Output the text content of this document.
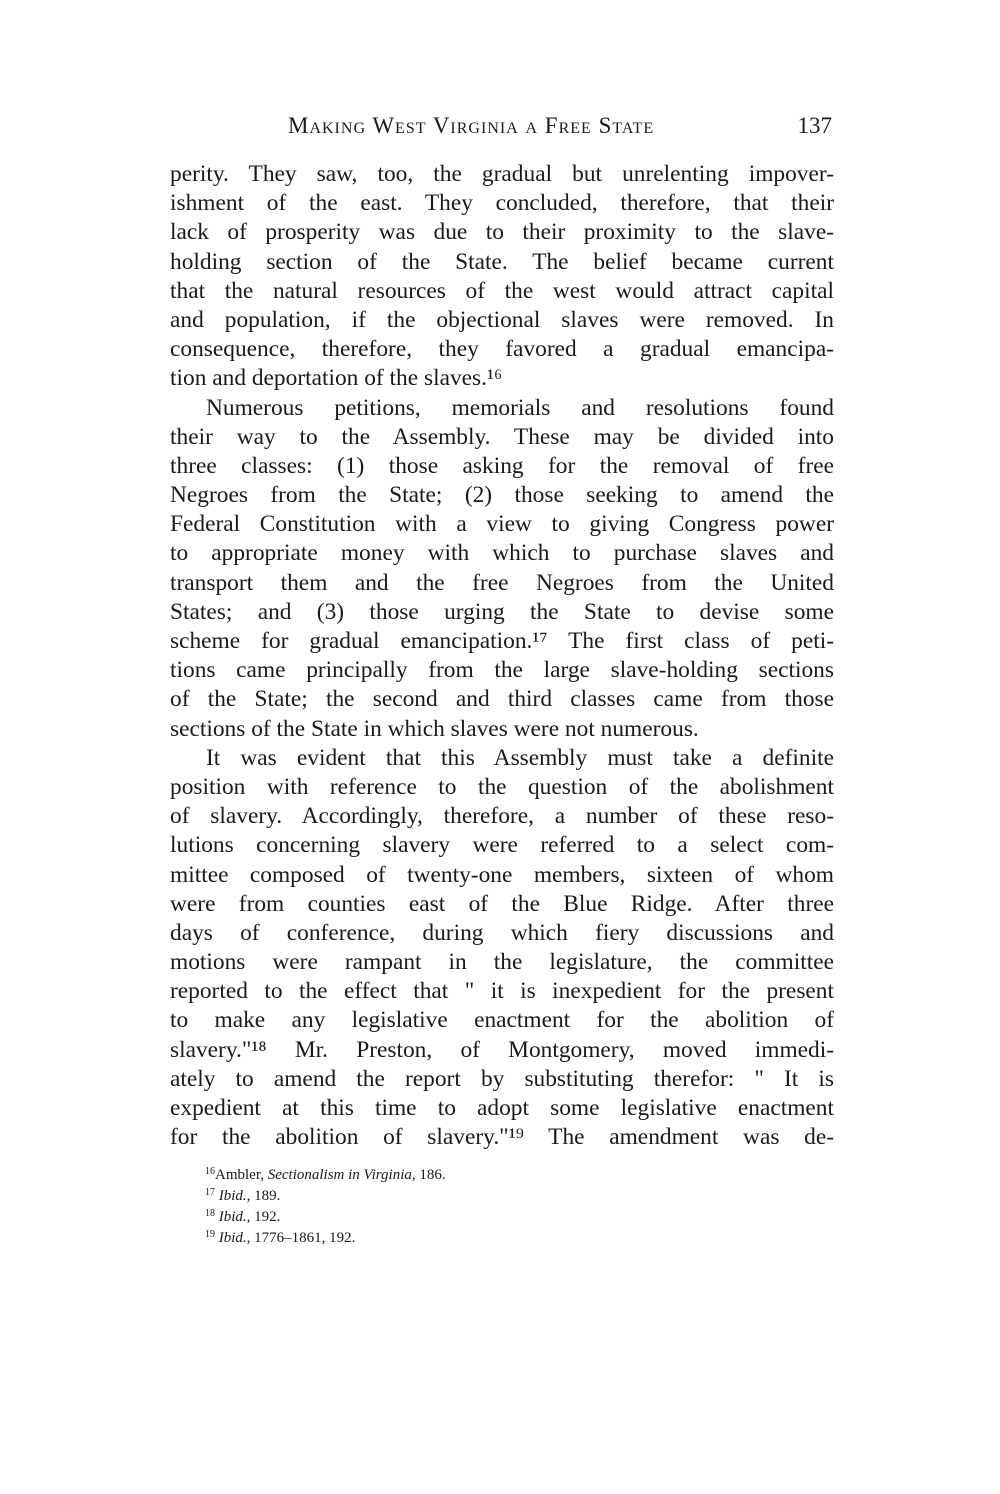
Making West Virginia a Free State	137
perity. They saw, too, the gradual but unrelenting impover-
ishment of the east. They concluded, therefore, that their
lack of prosperity was due to their proximity to the slave-
holding section of the State. The belief became current
that the natural resources of the west would attract capital
and population, if the objectional slaves were removed. In
consequence, therefore, they favored a gradual emancipa-
tion and deportation of the slaves.¹⁶
Numerous petitions, memorials and resolutions found
their way to the Assembly. These may be divided into
three classes: (1) those asking for the removal of free
Negroes from the State; (2) those seeking to amend the
Federal Constitution with a view to giving Congress power
to appropriate money with which to purchase slaves and
transport them and the free Negroes from the United
States; and (3) those urging the State to devise some
scheme for gradual emancipation.¹⁷ The first class of peti-
tions came principally from the large slave-holding sections
of the State; the second and third classes came from those
sections of the State in which slaves were not numerous.
It was evident that this Assembly must take a definite
position with reference to the question of the abolishment
of slavery. Accordingly, therefore, a number of these reso-
lutions concerning slavery were referred to a select com-
mittee composed of twenty-one members, sixteen of whom
were from counties east of the Blue Ridge. After three
days of conference, during which fiery discussions and
motions were rampant in the legislature, the committee
reported to the effect that " it is inexpedient for the present
to make any legislative enactment for the abolition of
slavery."¹⁸ Mr. Preston, of Montgomery, moved immedi-
ately to amend the report by substituting therefor: " It is
expedient at this time to adopt some legislative enactment
for the abolition of slavery."¹⁹ The amendment was de-
$^{16}$Ambler, Sectionalism in Virginia, 186.
$^{17}$ Ibid., 189.
$^{18}$ Ibid., 192.
$^{19}$ Ibid., 1776–1861, 192.
